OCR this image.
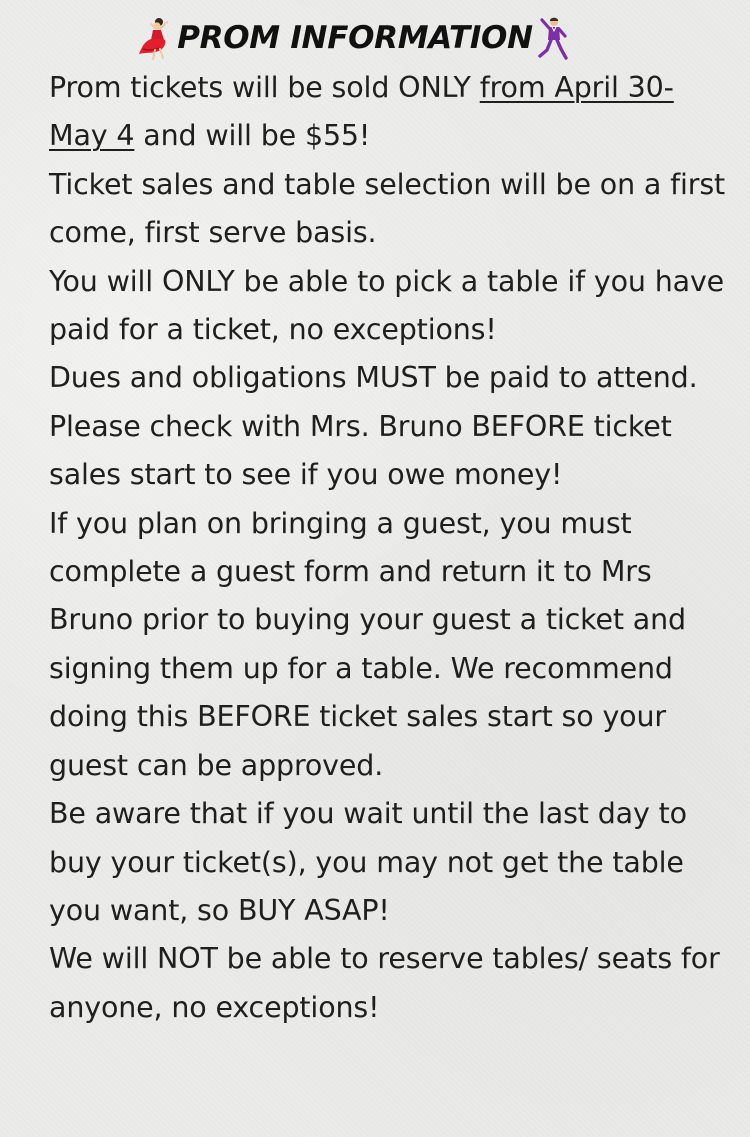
PROM INFORMATION

Prom tickets will be sold ONLY from April 30-May 4 and will be $55!

Ticket sales and table selection will be on a first come, first serve basis.

You will ONLY be able to pick a table if you have paid for a ticket, no exceptions!

Dues and obligations MUST be paid to attend. Please check with Mrs. Bruno BEFORE ticket sales start to see if you owe money!

If you plan on bringing a guest, you must complete a guest form and return it to Mrs Bruno prior to buying your guest a ticket and signing them up for a table. We recommend doing this BEFORE ticket sales start so your guest can be approved.

Be aware that if you wait until the last day to buy your ticket(s), you may not get the table you want, so BUY ASAP!

We will NOT be able to reserve tables/ seats for anyone, no exceptions!
